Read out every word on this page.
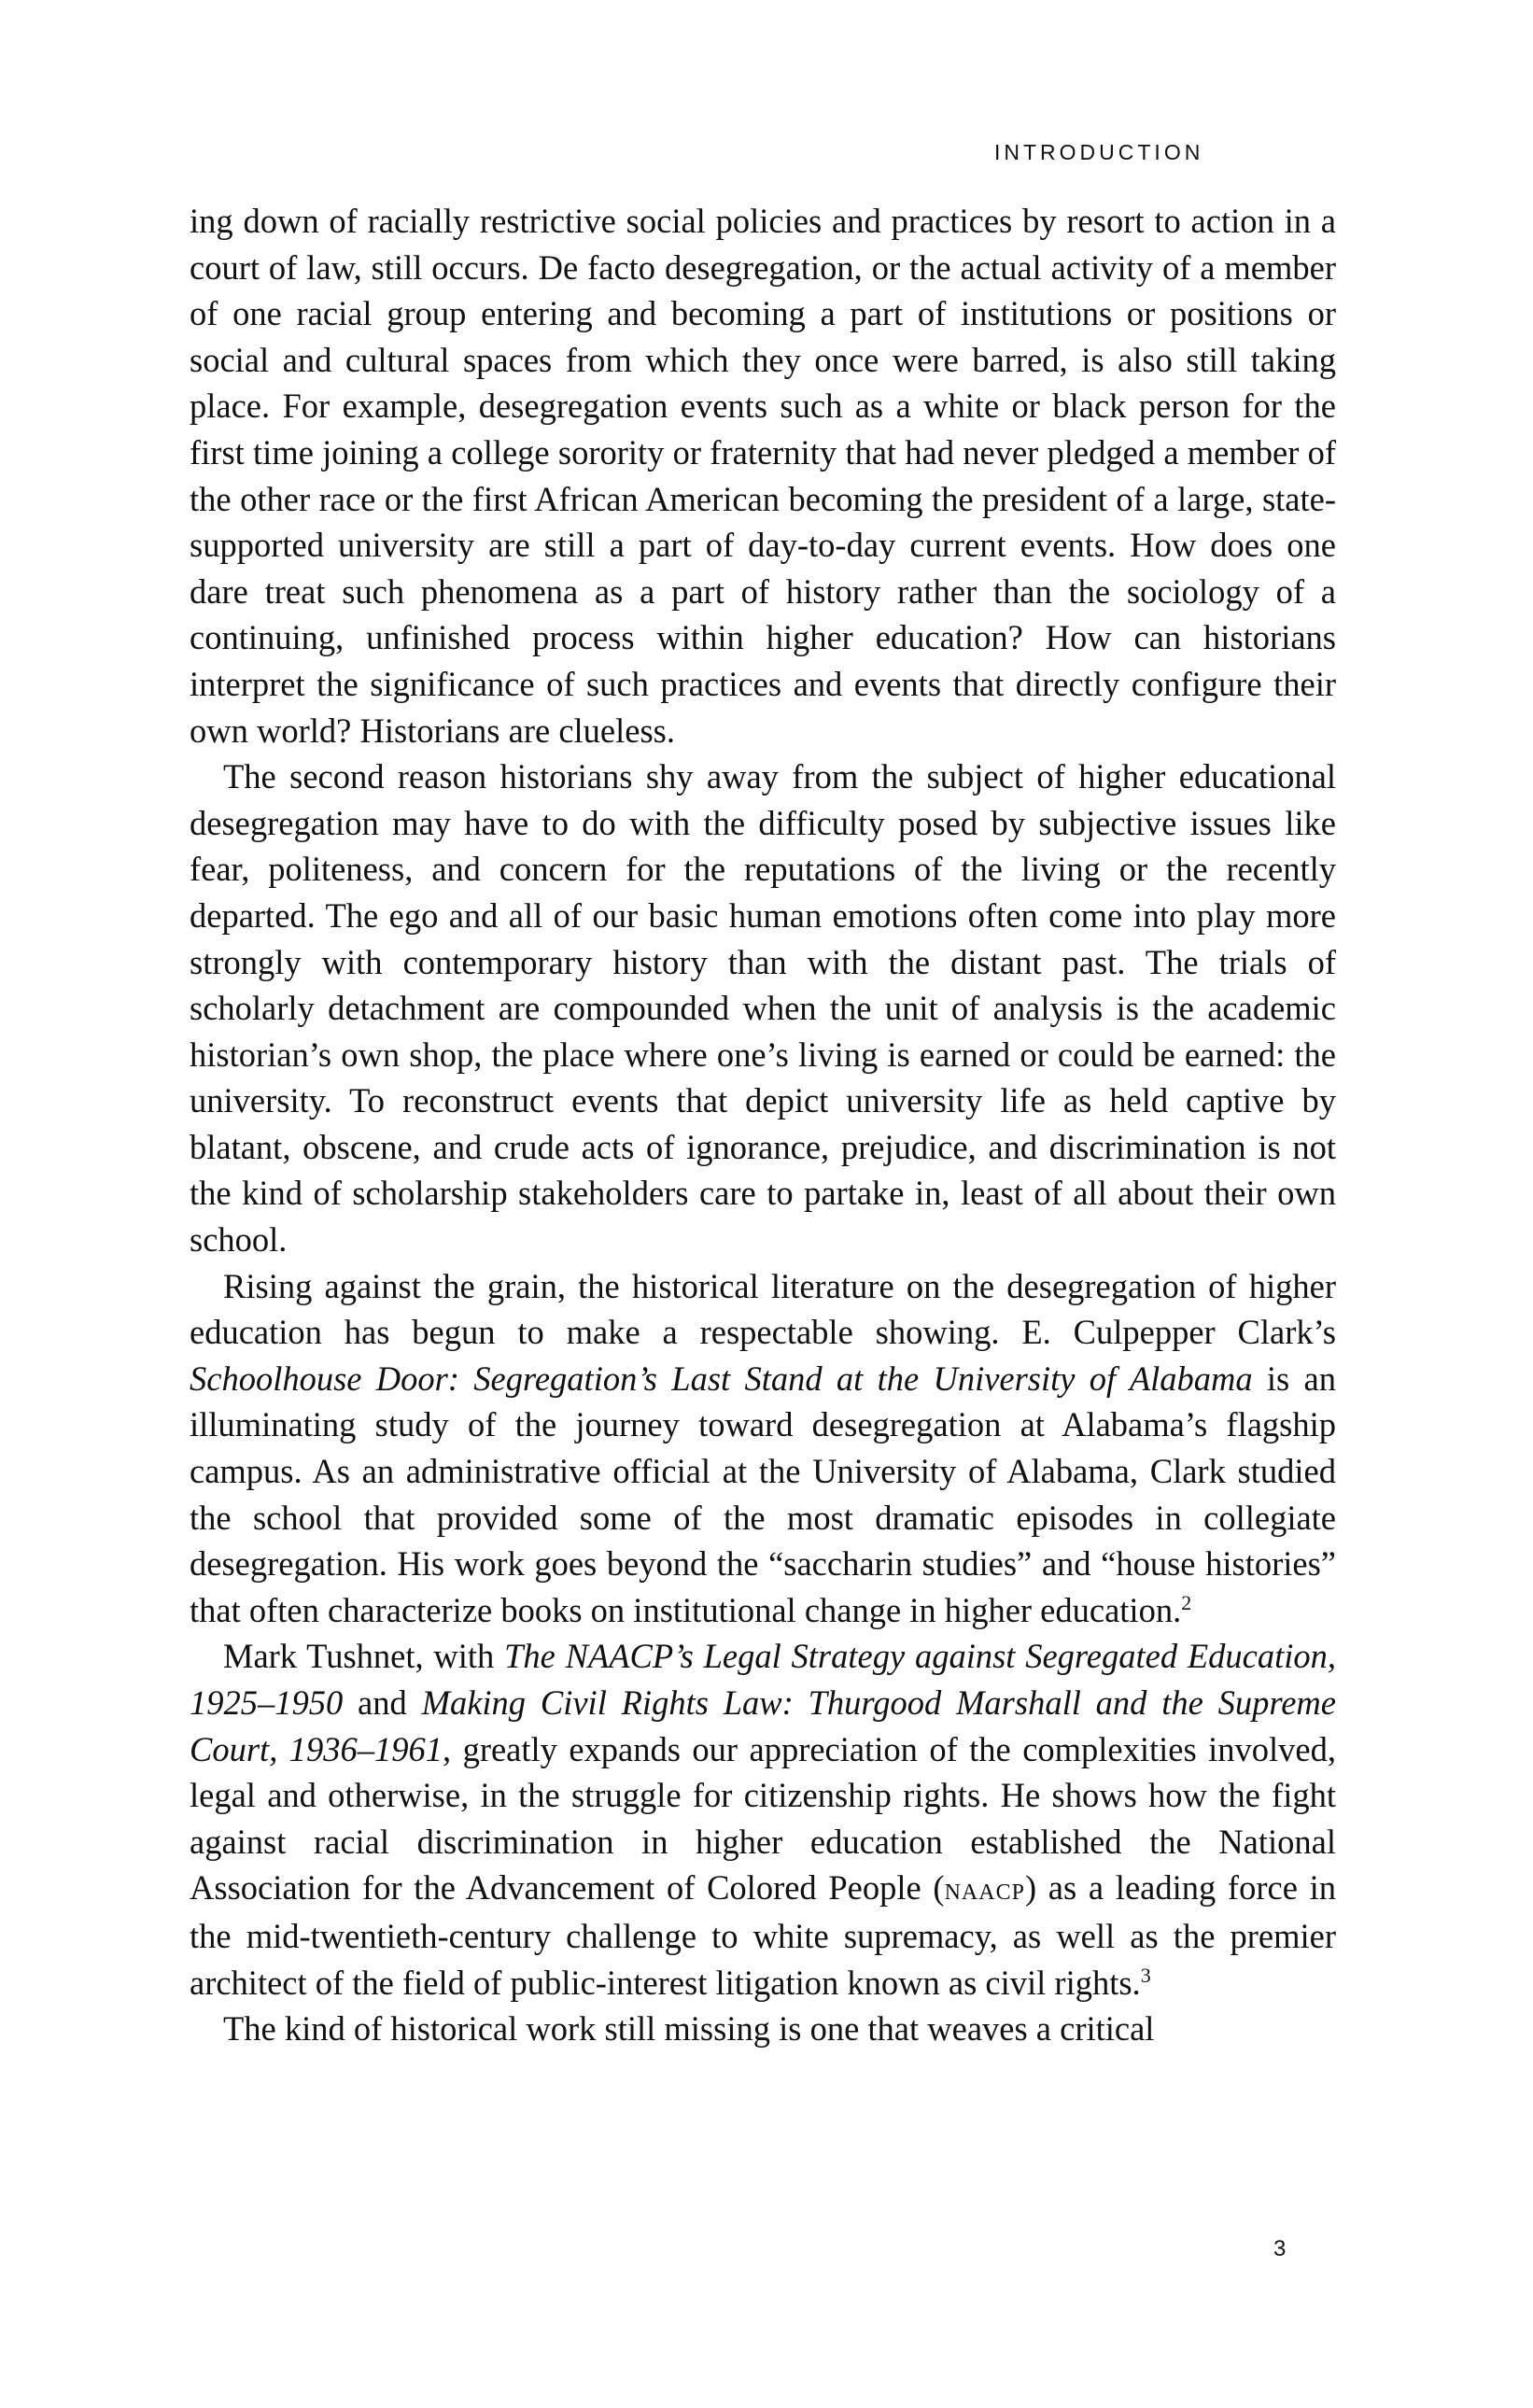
INTRODUCTION

ing down of racially restrictive social policies and practices by resort to action in a court of law, still occurs. De facto desegregation, or the actual activity of a member of one racial group entering and becoming a part of institutions or positions or social and cultural spaces from which they once were barred, is also still taking place. For example, desegregation events such as a white or black person for the first time joining a college sorority or fraternity that had never pledged a member of the other race or the first African American becoming the president of a large, state-supported university are still a part of day-to-day current events. How does one dare treat such phenomena as a part of history rather than the sociology of a continuing, unfinished process within higher education? How can historians interpret the significance of such practices and events that directly configure their own world? Historians are clueless.

The second reason historians shy away from the subject of higher educational desegregation may have to do with the difficulty posed by subjective issues like fear, politeness, and concern for the reputations of the living or the recently departed. The ego and all of our basic human emotions often come into play more strongly with contemporary history than with the distant past. The trials of scholarly detachment are compounded when the unit of analysis is the academic historian’s own shop, the place where one’s living is earned or could be earned: the university. To reconstruct events that depict university life as held captive by blatant, obscene, and crude acts of ignorance, prejudice, and discrimination is not the kind of scholarship stakeholders care to partake in, least of all about their own school.

Rising against the grain, the historical literature on the desegregation of higher education has begun to make a respectable showing. E. Culpepper Clark’s Schoolhouse Door: Segregation’s Last Stand at the University of Alabama is an illuminating study of the journey toward desegregation at Alabama’s flagship campus. As an administrative official at the University of Alabama, Clark studied the school that provided some of the most dramatic episodes in collegiate desegregation. His work goes beyond the “saccharin studies” and “house histories” that often characterize books on institutional change in higher education.$^2$

Mark Tushnet, with The NAACP’s Legal Strategy against Segregated Education, 1925–1950 and Making Civil Rights Law: Thurgood Marshall and the Supreme Court, 1936–1961, greatly expands our appreciation of the complexities involved, legal and otherwise, in the struggle for citizenship rights. He shows how the fight against racial discrimination in higher education established the National Association for the Advancement of Colored People (naacp) as a leading force in the mid-twentieth-century challenge to white supremacy, as well as the premier architect of the field of public-interest litigation known as civil rights.$^3$

The kind of historical work still missing is one that weaves a critical

3
